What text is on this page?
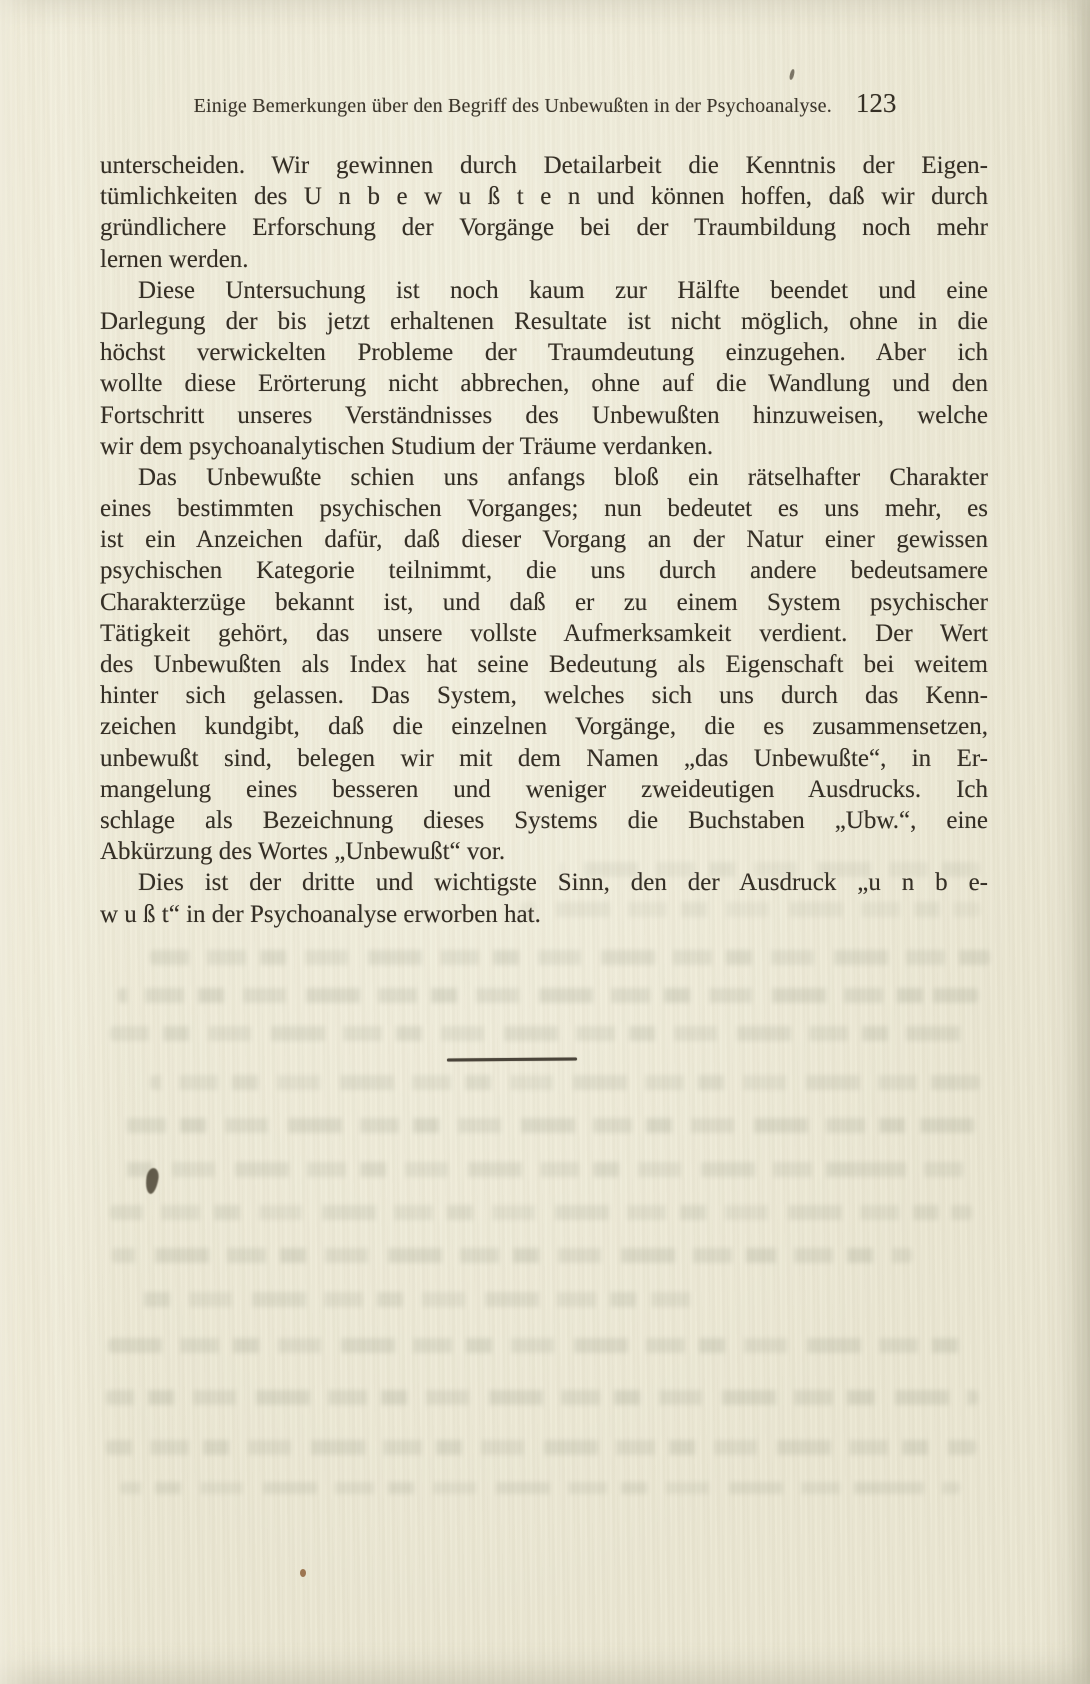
Einige Bemerkungen über den Begriff des Unbewußten in der Psychoanalyse. 123
unterscheiden. Wir gewinnen durch Detailarbeit die Kenntnis der Eigen-
tümlichkeiten des U n b e w u ß t e n und können hoffen, daß wir durch
gründlichere Erforschung der Vorgänge bei der Traumbildung noch mehr
lernen werden.
Diese Untersuchung ist noch kaum zur Hälfte beendet und eine
Darlegung der bis jetzt erhaltenen Resultate ist nicht möglich, ohne in die
höchst verwickelten Probleme der Traumdeutung einzugehen. Aber ich
wollte diese Erörterung nicht abbrechen, ohne auf die Wandlung und den
Fortschritt unseres Verständnisses des Unbewußten hinzuweisen, welche
wir dem psychoanalytischen Studium der Träume verdanken.
Das Unbewußte schien uns anfangs bloß ein rätselhafter Charakter
eines bestimmten psychischen Vorganges; nun bedeutet es uns mehr, es
ist ein Anzeichen dafür, daß dieser Vorgang an der Natur einer gewissen
psychischen Kategorie teilnimmt, die uns durch andere bedeutsamere
Charakterzüge bekannt ist, und daß er zu einem System psychischer
Tätigkeit gehört, das unsere vollste Aufmerksamkeit verdient. Der Wert
des Unbewußten als Index hat seine Bedeutung als Eigenschaft bei weitem
hinter sich gelassen. Das System, welches sich uns durch das Kenn-
zeichen kundgibt, daß die einzelnen Vorgänge, die es zusammensetzen,
unbewußt sind, belegen wir mit dem Namen „das Unbewußte“, in Er-
mangelung eines besseren und weniger zweideutigen Ausdrucks. Ich
schlage als Bezeichnung dieses Systems die Buchstaben „Ubw.“, eine
Abkürzung des Wortes „Unbewußt“ vor.
Dies ist der dritte und wichtigste Sinn, den der Ausdruck „u n b e-
w u ß t“ in der Psychoanalyse erworben hat.
